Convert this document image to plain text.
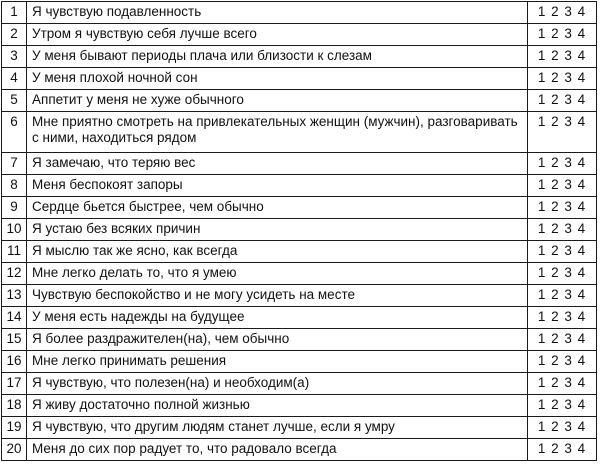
1	Я чувствую подавленность	1 2 3 4
2	Утром я чувствую себя лучше всего	1 2 3 4
3	У меня бывают периоды плача или близости к слезам	1 2 3 4
4	У меня плохой ночной сон	1 2 3 4
5	Аппетит у меня не хуже обычного	1 2 3 4
6	Мне приятно смотреть на привлекательных женщин (мужчин), разговаривать с ними, находиться рядом	1 2 3 4
7	Я замечаю, что теряю вес	1 2 3 4
8	Меня беспокоят запоры	1 2 3 4
9	Сердце бьется быстрее, чем обычно	1 2 3 4
10	Я устаю без всяких причин	1 2 3 4
11	Я мыслю так же ясно, как всегда	1 2 3 4
12	Мне легко делать то, что я умею	1 2 3 4
13	Чувствую беспокойство и не могу усидеть на месте	1 2 3 4
14	У меня есть надежды на будущее	1 2 3 4
15	Я более раздражителен(на), чем обычно	1 2 3 4
16	Мне легко принимать решения	1 2 3 4
17	Я чувствую, что полезен(на) и необходим(а)	1 2 3 4
18	Я живу достаточно полной жизнью	1 2 3 4
19	Я чувствую, что другим людям станет лучше, если я умру	1 2 3 4
20	Меня до сих пор радует то, что радовало всегда	1 2 3 4
